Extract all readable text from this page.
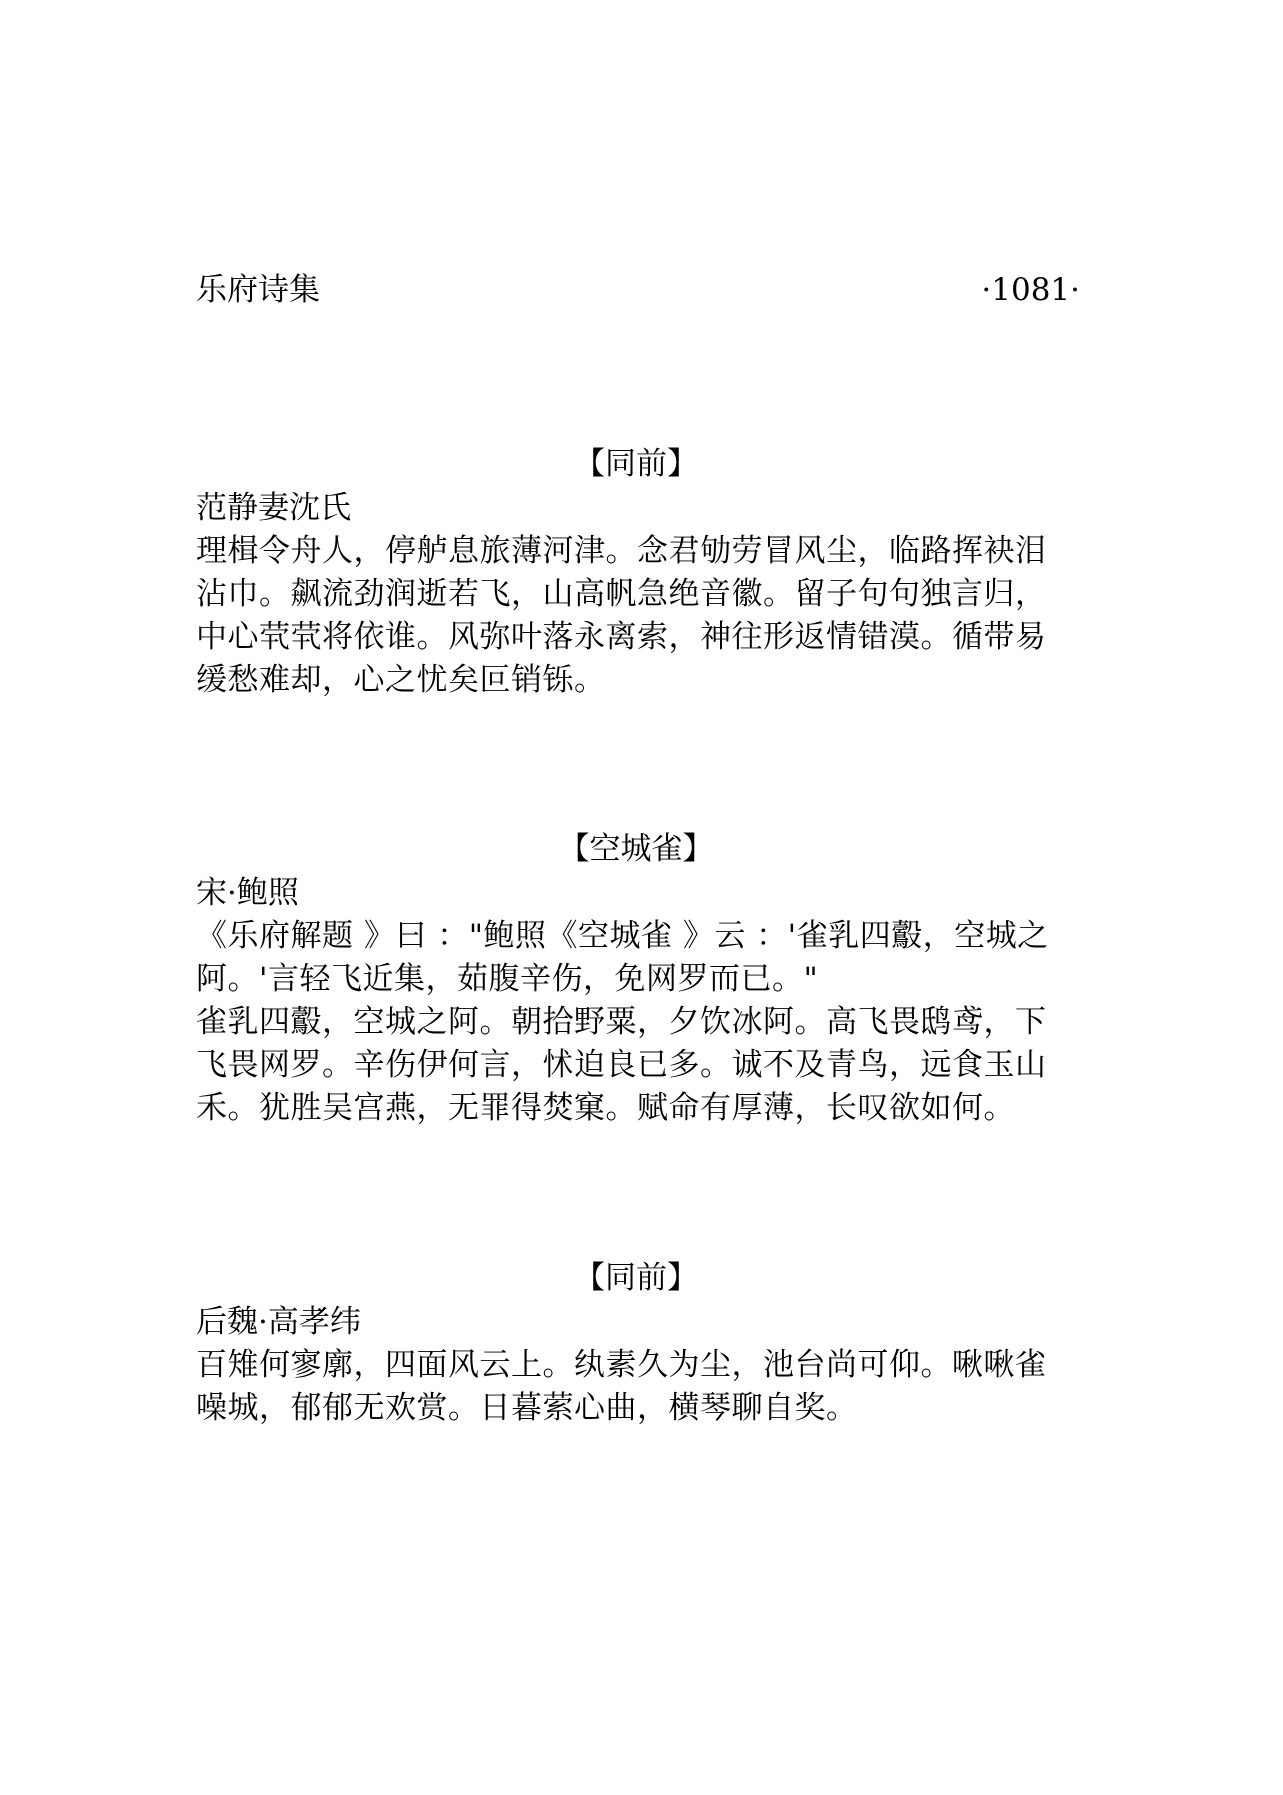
乐府诗集	·1081·
【同前】
范静妻沈氏
理楫令舟人，停舻息旅薄河津。念君劬劳冒风尘，临路挥袂泪
沾巾。飙流劲润逝若飞，山高帆急绝音徽。留子句句独言归，
中心茕茕将依谁。风弥叶落永离索，神往形返情错漠。循带易
缓愁难却，心之忧矣叵销铄。
【空城雀】
宋·鲍照
《乐府解题 》曰 ："鲍照《空城雀 》云 ：'雀乳四鷇，空城之
阿。'言轻飞近集，茹腹辛伤，免网罗而已。"
雀乳四鷇，空城之阿。朝拾野粟，夕饮冰阿。高飞畏鸱鸢，下
飞畏网罗。辛伤伊何言，怵迫良已多。诚不及青鸟，远食玉山
禾。犹胜吴宫燕，无罪得焚窠。赋命有厚薄，长叹欲如何。
【同前】
后魏·高孝纬
百雉何寥廓，四面风云上。纨素久为尘，池台尚可仰。啾啾雀
噪城，郁郁无欢赏。日暮萦心曲，横琴聊自奖。
